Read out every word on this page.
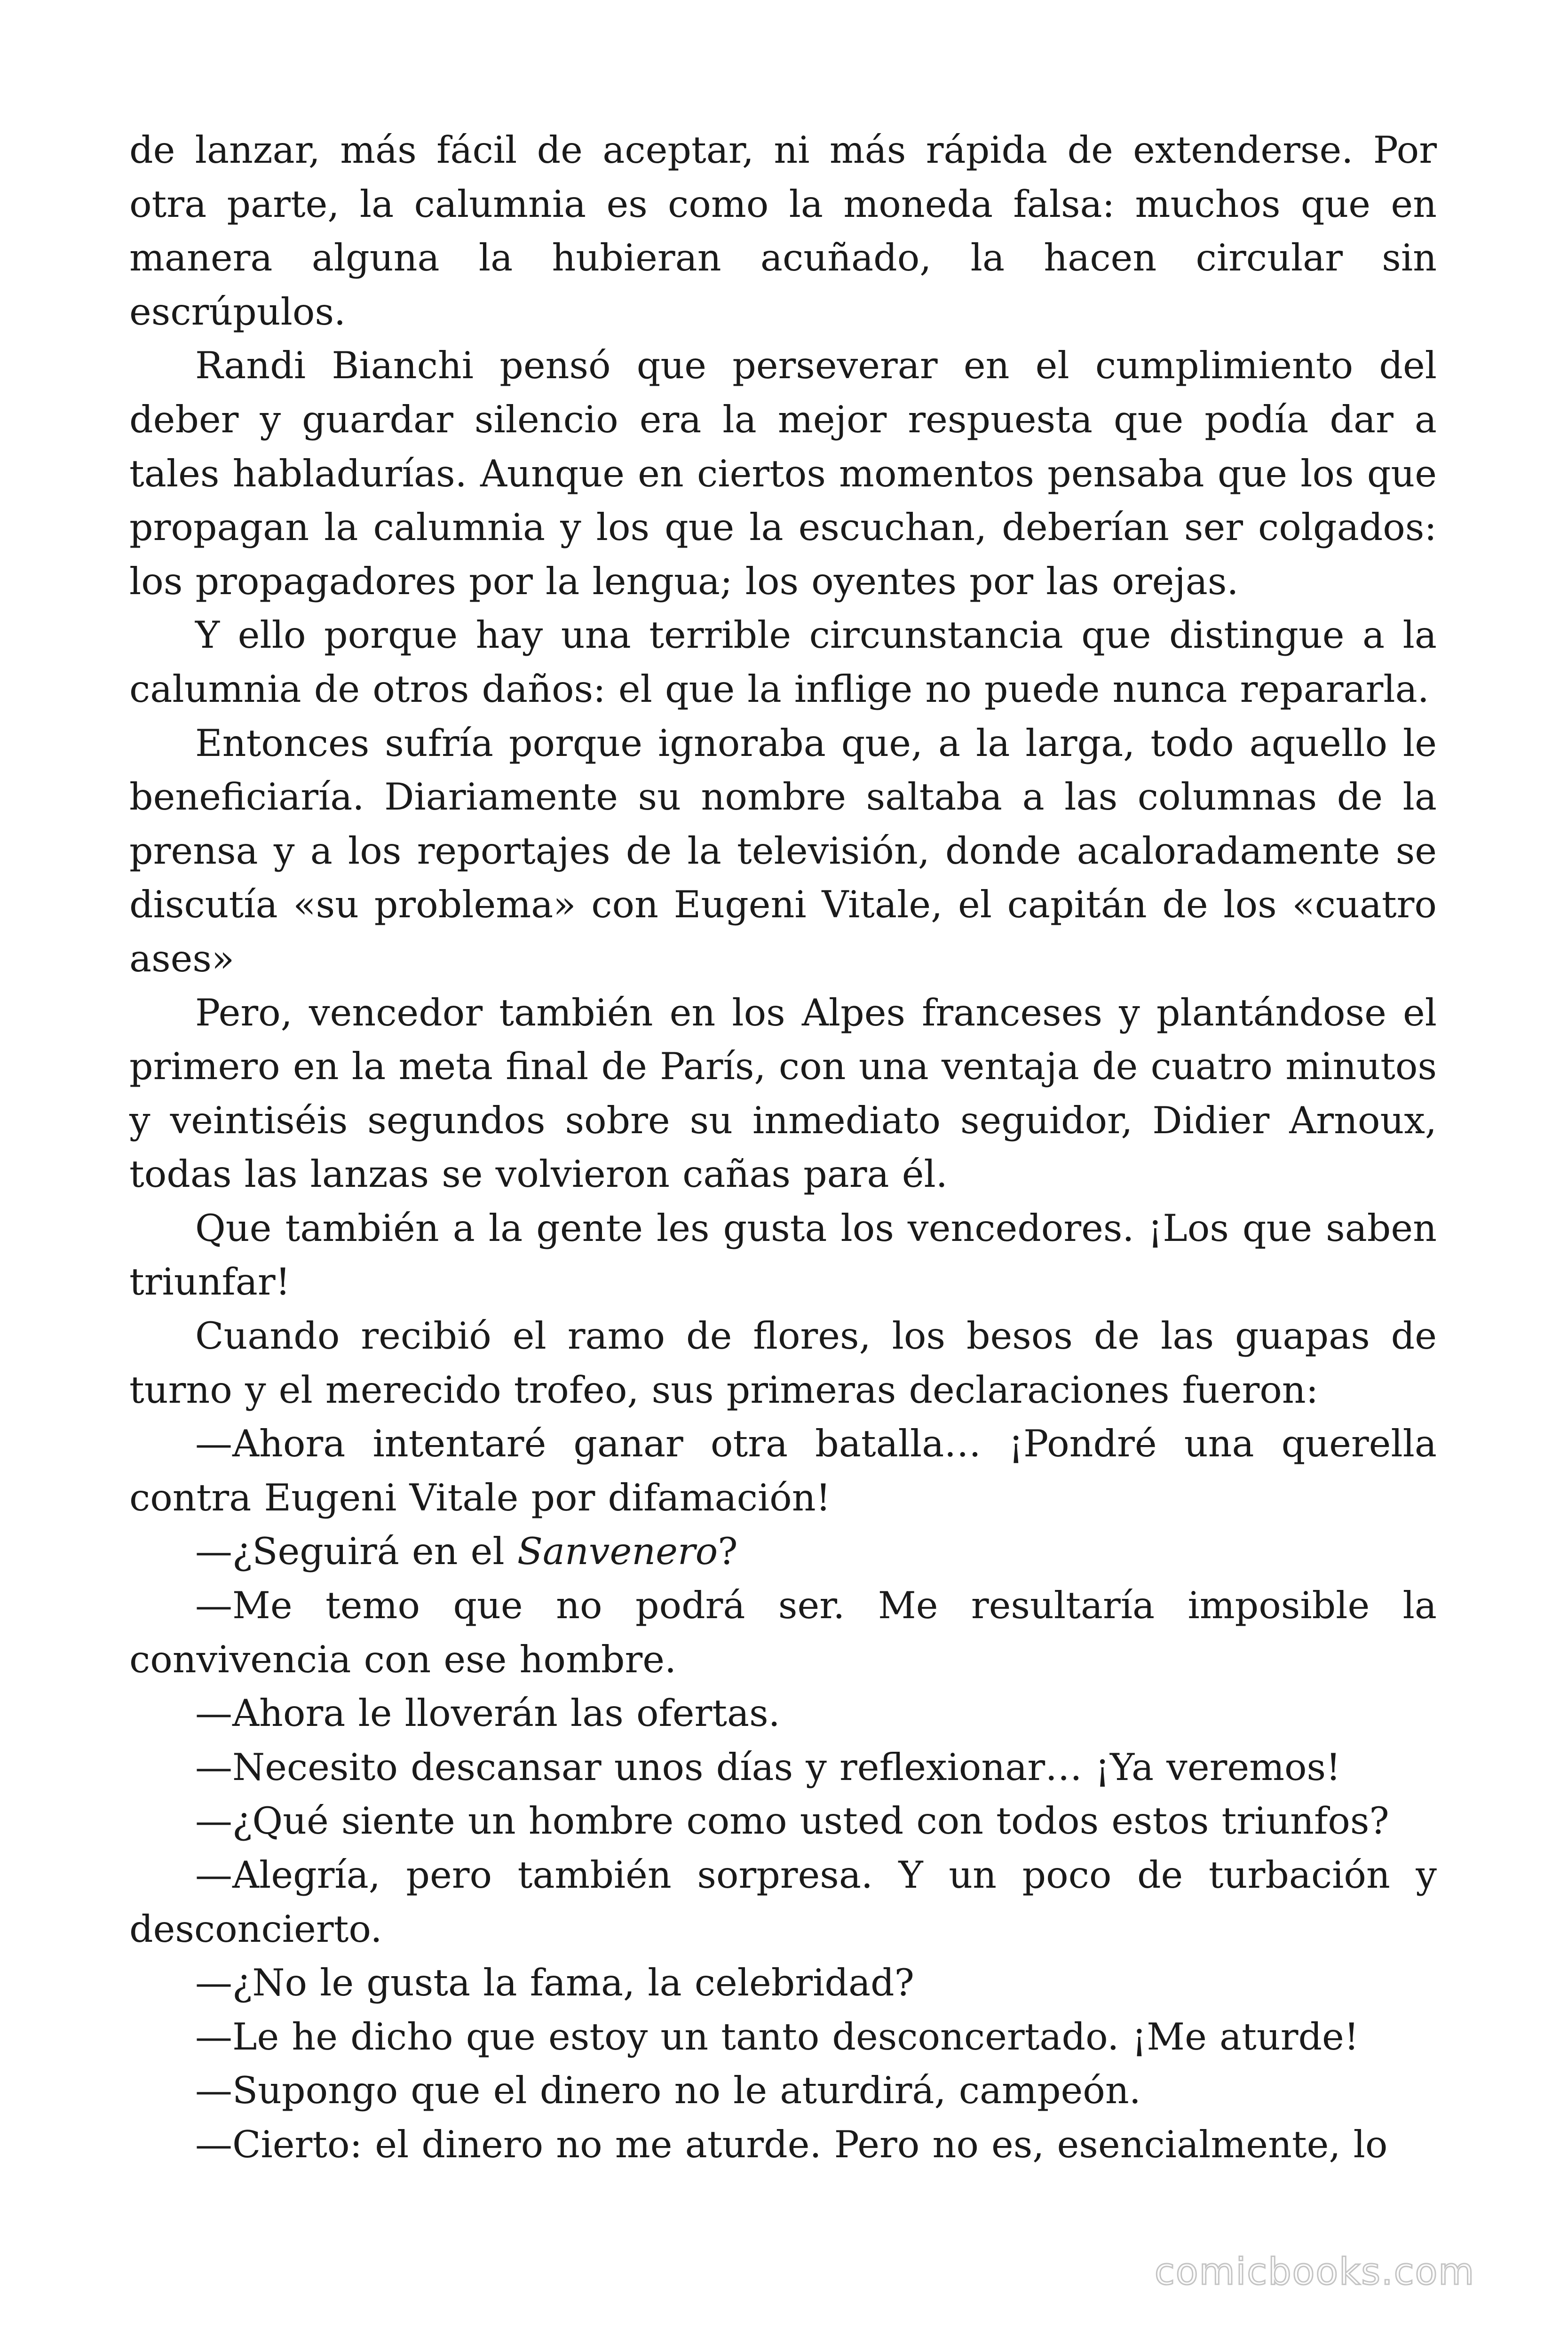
de lanzar, más fácil de aceptar, ni más rápida de extenderse. Por otra parte, la calumnia es como la moneda falsa: muchos que en manera alguna la hubieran acuñado, la hacen circular sin escrúpulos.

Randi Bianchi pensó que perseverar en el cumplimiento del deber y guardar silencio era la mejor respuesta que podía dar a tales habladurías. Aunque en ciertos momentos pensaba que los que propagan la calumnia y los que la escuchan, deberían ser colgados: los propagadores por la lengua; los oyentes por las orejas.

Y ello porque hay una terrible circunstancia que distingue a la calumnia de otros daños: el que la inflige no puede nunca repararla.

Entonces sufría porque ignoraba que, a la larga, todo aquello le beneficiaría. Diariamente su nombre saltaba a las columnas de la prensa y a los reportajes de la televisión, donde acaloradamente se discutía «su problema» con Eugeni Vitale, el capitán de los «cuatro ases»

Pero, vencedor también en los Alpes franceses y plantándose el primero en la meta final de París, con una ventaja de cuatro minutos y veintiséis segundos sobre su inmediato seguidor, Didier Arnoux, todas las lanzas se volvieron cañas para él.

Que también a la gente les gusta los vencedores. ¡Los que saben triunfar!

Cuando recibió el ramo de flores, los besos de las guapas de turno y el merecido trofeo, sus primeras declaraciones fueron:

—Ahora intentaré ganar otra batalla… ¡Pondré una querella contra Eugeni Vitale por difamación!

—¿Seguirá en el Sanvenero?

—Me temo que no podrá ser. Me resultaría imposible la convivencia con ese hombre.

—Ahora le lloverán las ofertas.

—Necesito descansar unos días y reflexionar… ¡Ya veremos!

—¿Qué siente un hombre como usted con todos estos triunfos?

—Alegría, pero también sorpresa. Y un poco de turbación y desconcierto.

—¿No le gusta la fama, la celebridad?

—Le he dicho que estoy un tanto desconcertado. ¡Me aturde!

—Supongo que el dinero no le aturdirá, campeón.

—Cierto: el dinero no me aturde. Pero no es, esencialmente, lo

comicbooks.com
